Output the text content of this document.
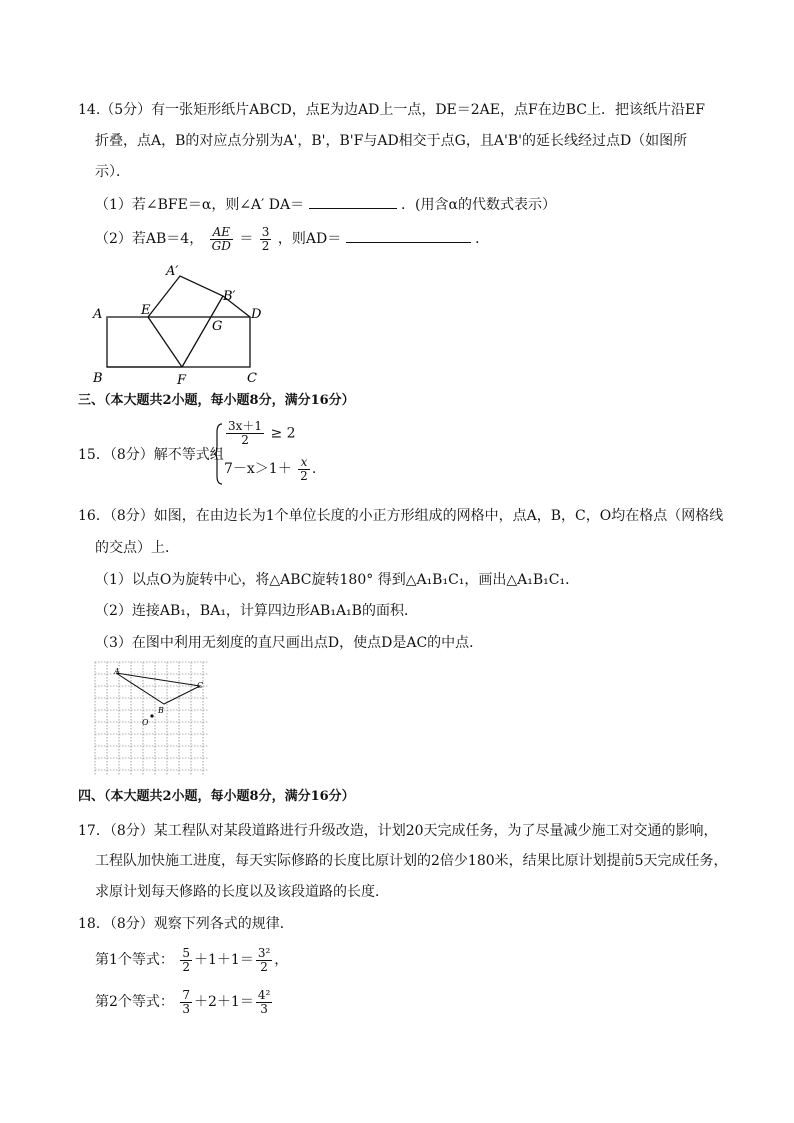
14.（5分）有一张矩形纸片ABCD，点E为边AD上一点，DE＝2AE，点F在边BC上．把该纸片沿EF
折叠，点A，B的对应点分别为A'，B'，B'F与AD相交于点G，且A'B'的延长线经过点D（如图所
示）．
（1）若∠BFE＝α，则∠A′ DA＝	．(用含α的代数式表示）
（2）若AB＝4， $\frac{AE}{GD} = \frac{3}{2}$ ，则AD＝	．
A
B	C
D
E
F
G
A′
B′
三、（本大题共2小题，每小题8分，满分16分）
15．（8分）解不等式组
$\frac{3x+1}{2} \ge 2$
$7-x>1+ \frac{x}{2}$ .
16．（8分）如图，在由边长为1个单位长度的小正方形组成的网格中，点A，B，C，O均在格点（网格线
的交点）上．
（1）以点O为旋转中心，将△ABC旋转180° 得到△A₁B₁C₁，画出△A₁B₁C₁．
（2）连接AB₁，BA₁，计算四边形AB₁A₁B的面积．
（3）在图中利用无刻度的直尺画出点D，使点D是AC的中点．
A
C
B
O
四、（本大题共2小题，每小题8分，满分16分）
17．（8分）某工程队对某段道路进行升级改造，计划20天完成任务，为了尽量减少施工对交通的影响，
工程队加快施工进度，每天实际修路的长度比原计划的2倍少180米，结果比原计划提前5天完成任务，
求原计划每天修路的长度以及该段道路的长度．
18．（8分）观察下列各式的规律．
第1个等式： $\frac{5}{2} +1+1= \frac{\text{3²}}{2}$ ，
第2个等式： $\frac{7}{3} +2+1= \frac{\text{4²}}{3}$
